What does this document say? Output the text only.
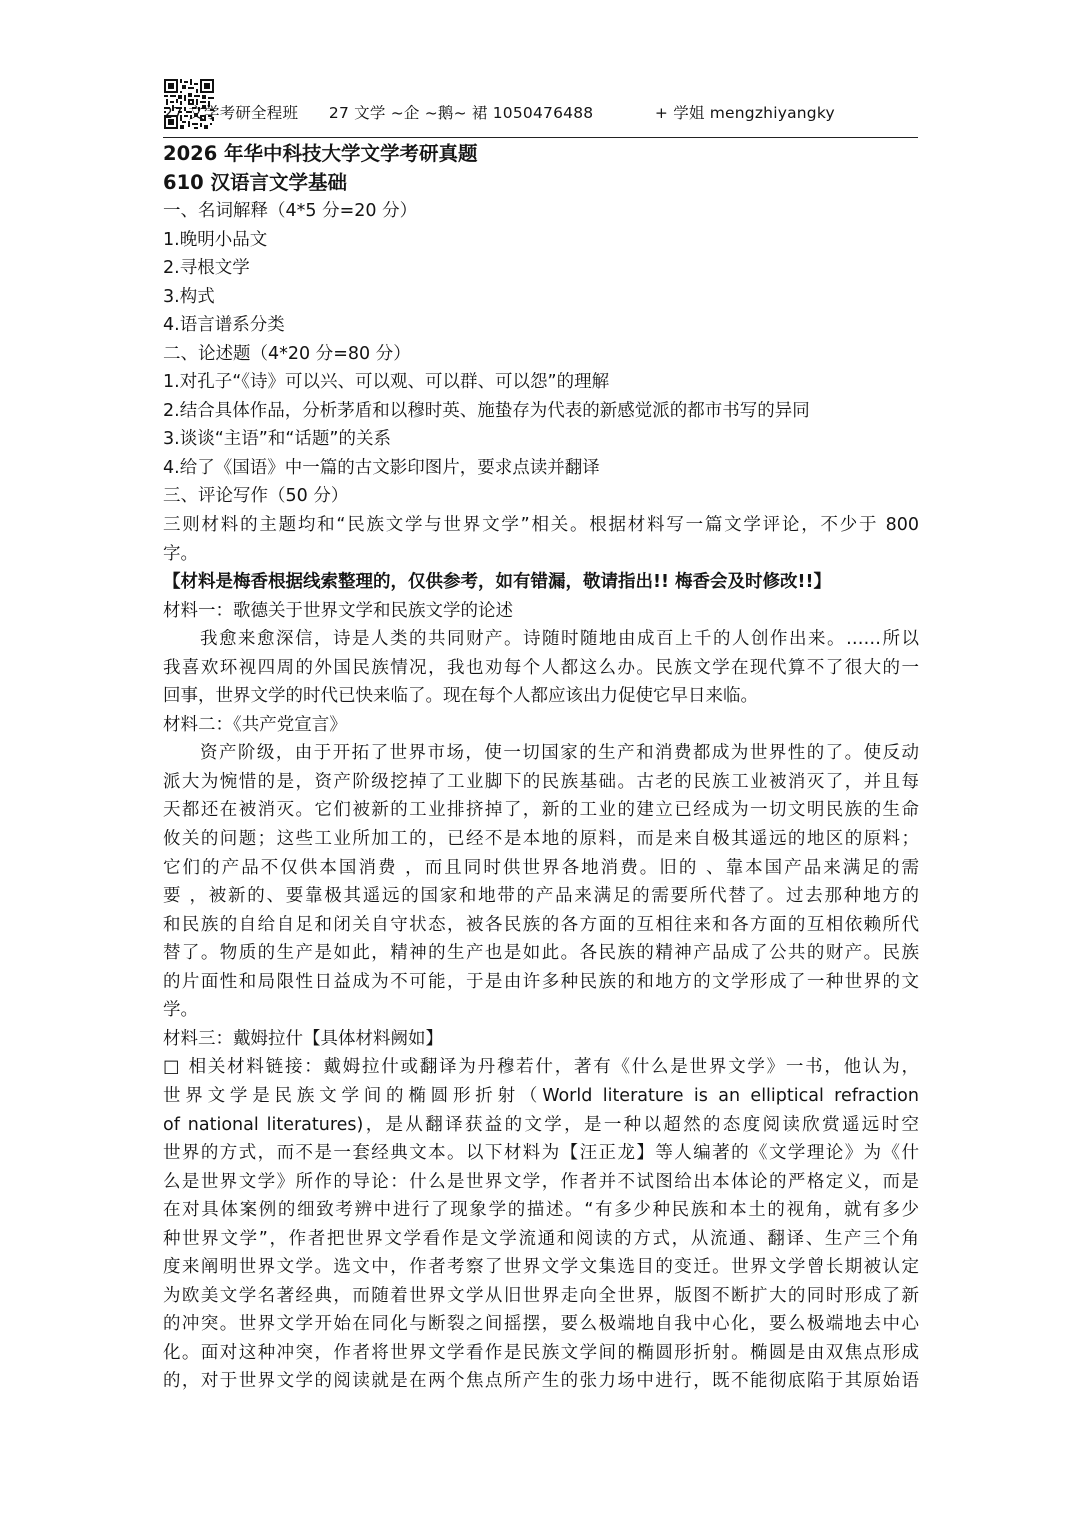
27 文学考研全程班 27 文学 ~企 ~鹅~ 裙 1050476488	+ 学姐 mengzhiyangky
2026 年华中科技大学文学考研真题
610 汉语言文学基础
一、名词解释（4*5 分=20 分）
1.晚明小品文
2.寻根文学
3.构式
4.语言谱系分类
二、论述题（4*20 分=80 分）
1.对孔子“《诗》可以兴、可以观、可以群、可以怨”的理解
2.结合具体作品，分析茅盾和以穆时英、施蛰存为代表的新感觉派的都市书写的异同
3.谈谈“主语”和“话题”的关系
4.给了《国语》中一篇的古文影印图片，要求点读并翻译
三、评论写作（50 分）
三则材料的主题均和“民族文学与世界文学”相关。根据材料写一篇文学评论，不少于 800
字。
【材料是梅香根据线索整理的，仅供参考，如有错漏，敬请指出!! 梅香会及时修改!!】
材料一：歌德关于世界文学和民族文学的论述
我愈来愈深信，诗是人类的共同财产。诗随时随地由成百上千的人创作出来。……所以
我喜欢环视四周的外国民族情况，我也劝每个人都这么办。民族文学在现代算不了很大的一
回事，世界文学的时代已快来临了。现在每个人都应该出力促使它早日来临。
材料二：《共产党宣言》
资产阶级，由于开拓了世界市场，使一切国家的生产和消费都成为世界性的了。使反动
派大为惋惜的是，资产阶级挖掉了工业脚下的民族基础。古老的民族工业被消灭了，并且每
天都还在被消灭。它们被新的工业排挤掉了，新的工业的建立已经成为一切文明民族的生命
攸关的问题；这些工业所加工的，已经不是本地的原料，而是来自极其遥远的地区的原料；
它们的产品不仅供本国消费 ，而且同时供世界各地消费。旧的 、靠本国产品来满足的需
要 ，被新的、要靠极其遥远的国家和地带的产品来满足的需要所代替了。过去那种地方的
和民族的自给自足和闭关自守状态，被各民族的各方面的互相往来和各方面的互相依赖所代
替了。物质的生产是如此，精神的生产也是如此。各民族的精神产品成了公共的财产。民族
的片面性和局限性日益成为不可能，于是由许多种民族的和地方的文学形成了一种世界的文
学。
材料三：戴姆拉什【具体材料阙如】
□ 相关材料链接：戴姆拉什或翻译为丹穆若什，著有《什么是世界文学》一书，他认为，
世界文学是民族文学间的椭圆形折射（World literature is an elliptical refraction
of national literatures)，是从翻译获益的文学，是一种以超然的态度阅读欣赏遥远时空
世界的方式，而不是一套经典文本。以下材料为【汪正龙】等人编著的《文学理论》为《什
么是世界文学》所作的导论：什么是世界文学，作者并不试图给出本体论的严格定义，而是
在对具体案例的细致考辨中进行了现象学的描述。“有多少种民族和本土的视角，就有多少
种世界文学”，作者把世界文学看作是文学流通和阅读的方式，从流通、翻译、生产三个角
度来阐明世界文学。选文中，作者考察了世界文学文集选目的变迁。世界文学曾长期被认定
为欧美文学名著经典，而随着世界文学从旧世界走向全世界，版图不断扩大的同时形成了新
的冲突。世界文学开始在同化与断裂之间摇摆，要么极端地自我中心化，要么极端地去中心
化。面对这种冲突，作者将世界文学看作是民族文学间的椭圆形折射。椭圆是由双焦点形成
的，对于世界文学的阅读就是在两个焦点所产生的张力场中进行，既不能彻底陷于其原始语
